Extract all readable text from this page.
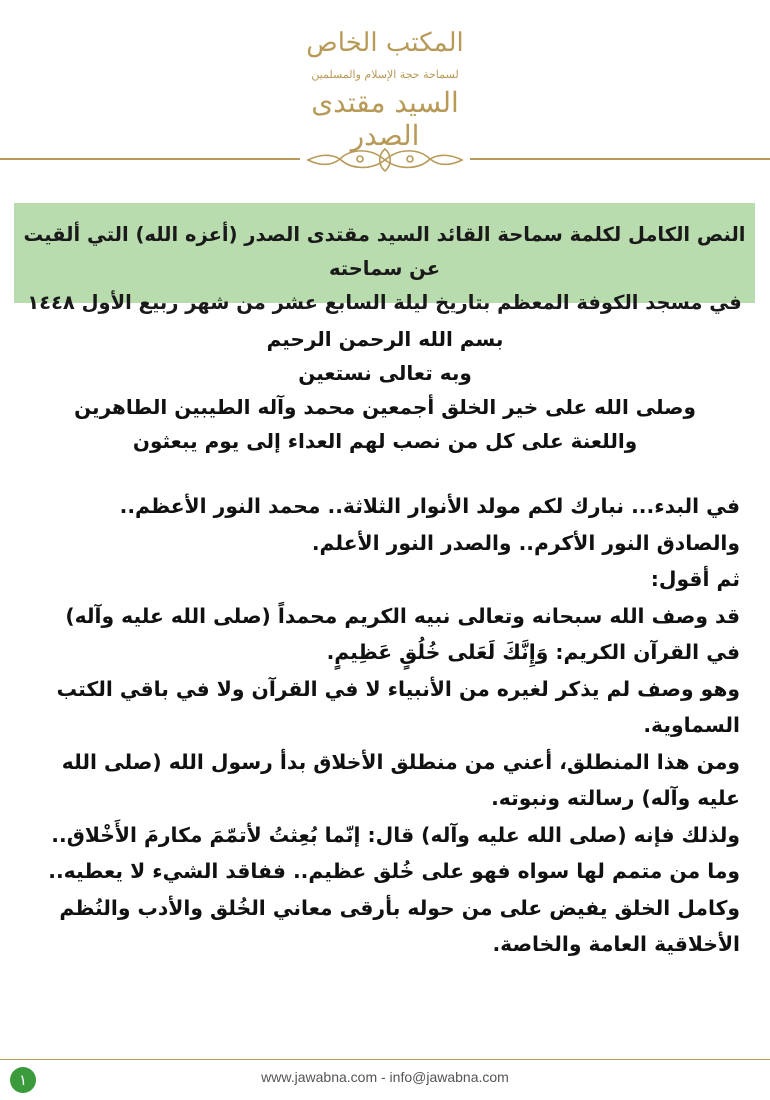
المكتب الخاص
لسماحة حجة الإسلام والمسلمين
السيد مقتدى الصدر

النص الكامل لكلمة سماحة القائد السيد مقتدى الصدر (أعزه الله) التي ألقيت عن سماحته
في مسجد الكوفة المعظم بتاريخ ليلة السابع عشر من شهر ربيع الأول ١٤٤٨

بسم الله الرحمن الرحيم
وبه تعالى نستعين
وصلى الله على خير الخلق أجمعين محمد وآله الطيبين الطاهرين
واللعنة على كل من نصب لهم العداء إلى يوم يبعثون
في البدء... نبارك لكم مولد الأنوار الثلاثة.. محمد النور الأعظم..
والصادق النور الأكرم.. والصدر النور الأعلم.
ثم أقول:
قد وصف الله سبحانه وتعالى نبيه الكريم محمداً (صلى الله عليه وآله)
في القرآن الكريم: وَإِنَّكَ لَعَلى خُلُقٍ عَظِيمٍ.
وهو وصف لم يذكر لغيره من الأنبياء لا في القرآن ولا في باقي الكتب
السماوية.
ومن هذا المنطلق، أعني من منطلق الأخلاق بدأ رسول الله (صلى الله
عليه وآله) رسالته ونبوته.
ولذلك فإنه (صلى الله عليه وآله) قال: إنّما بُعِثتُ لأتمّمَ مكارمَ الأَخْلاق..
وما من متمم لها سواه فهو على خُلق عظيم.. ففاقد الشيء لا يعطيه..
وكامل الخلق يفيض على من حوله بأرقى معاني الخُلق والأدب والنُظم
الأخلاقية العامة والخاصة.
١	www.jawabna.com - info@jawabna.com
